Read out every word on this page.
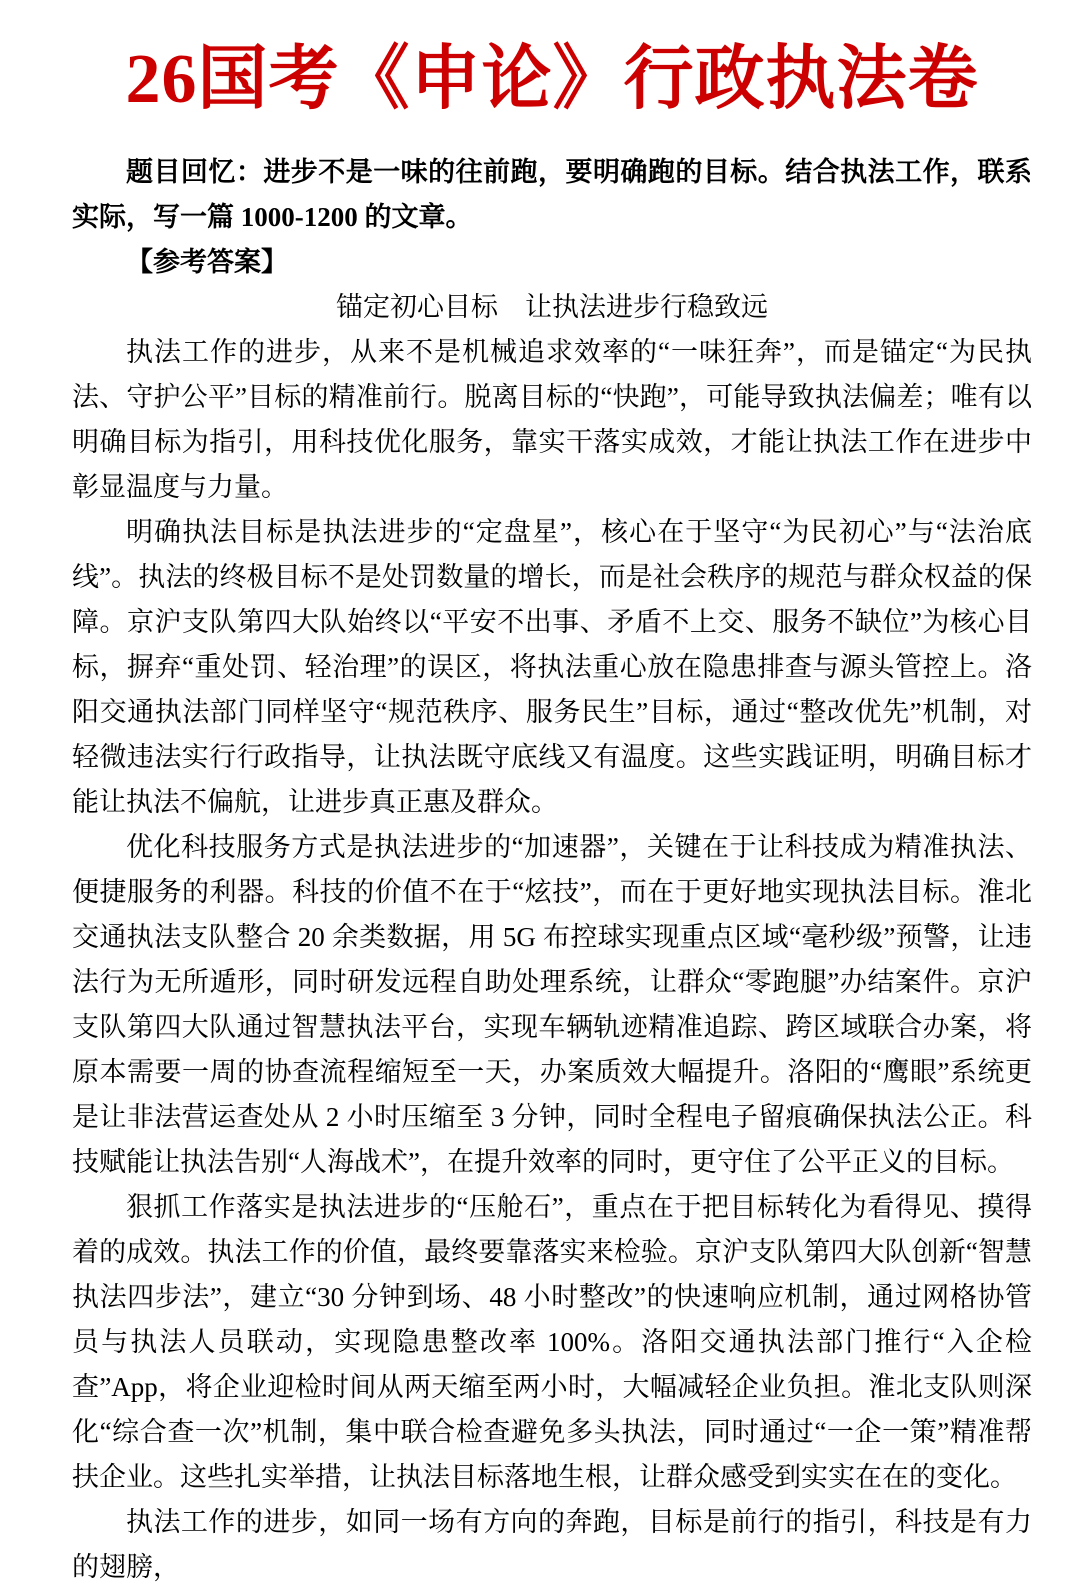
26国考《申论》行政执法卷

题目回忆：进步不是一味的往前跑，要明确跑的目标。结合执法工作，联系实际，写一篇 1000-1200 的文章。

【参考答案】

锚定初心目标　让执法进步行稳致远

执法工作的进步，从来不是机械追求效率的“一味狂奔”，而是锚定“为民执法、守护公平”目标的精准前行。脱离目标的“快跑”，可能导致执法偏差；唯有以明确目标为指引，用科技优化服务，靠实干落实成效，才能让执法工作在进步中彰显温度与力量。

明确执法目标是执法进步的“定盘星”，核心在于坚守“为民初心”与“法治底线”。执法的终极目标不是处罚数量的增长，而是社会秩序的规范与群众权益的保障。京沪支队第四大队始终以“平安不出事、矛盾不上交、服务不缺位”为核心目标，摒弃“重处罚、轻治理”的误区，将执法重心放在隐患排查与源头管控上。洛阳交通执法部门同样坚守“规范秩序、服务民生”目标，通过“整改优先”机制，对轻微违法实行行政指导，让执法既守底线又有温度。这些实践证明，明确目标才能让执法不偏航，让进步真正惠及群众。

优化科技服务方式是执法进步的“加速器”，关键在于让科技成为精准执法、便捷服务的利器。科技的价值不在于“炫技”，而在于更好地实现执法目标。淮北交通执法支队整合 20 余类数据，用 5G 布控球实现重点区域“毫秒级”预警，让违法行为无所遁形，同时研发远程自助处理系统，让群众“零跑腿”办结案件。京沪支队第四大队通过智慧执法平台，实现车辆轨迹精准追踪、跨区域联合办案，将原本需要一周的协查流程缩短至一天，办案质效大幅提升。洛阳的“鹰眼”系统更是让非法营运查处从 2 小时压缩至 3 分钟，同时全程电子留痕确保执法公正。科技赋能让执法告别“人海战术”，在提升效率的同时，更守住了公平正义的目标。

狠抓工作落实是执法进步的“压舱石”，重点在于把目标转化为看得见、摸得着的成效。执法工作的价值，最终要靠落实来检验。京沪支队第四大队创新“智慧执法四步法”，建立“30 分钟到场、48 小时整改”的快速响应机制，通过网格协管员与执法人员联动，实现隐患整改率 100%。洛阳交通执法部门推行“入企检查”App，将企业迎检时间从两天缩至两小时，大幅减轻企业负担。淮北支队则深化“综合查一次”机制，集中联合检查避免多头执法，同时通过“一企一策”精准帮扶企业。这些扎实举措，让执法目标落地生根，让群众感受到实实在在的变化。

执法工作的进步，如同一场有方向的奔跑，目标是前行的指引，科技是有力的翅膀，
